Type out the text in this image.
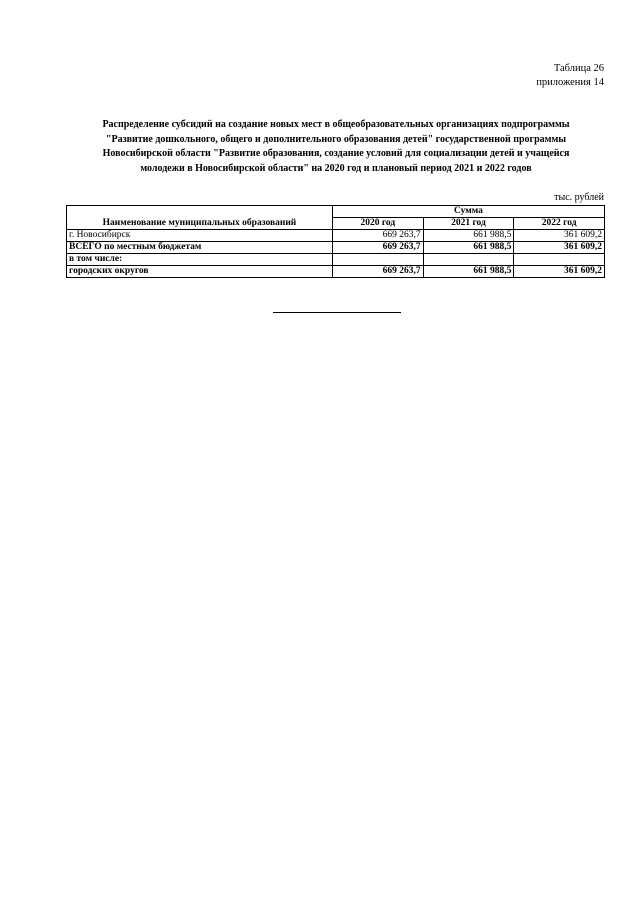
Таблица 26
приложения 14
Распределение субсидий на создание новых мест в общеобразовательных организациях подпрограммы
"Развитие дошкольного, общего и дополнительного образования детей" государственной программы
Новосибирской области "Развитие образования, создание условий для социализации детей и учащейся
молодежи в Новосибирской области" на 2020 год и плановый период 2021 и 2022 годов
тыс. рублей
Наименование муниципальных образований	Сумма		
	2020 год	2021 год	2022 год
г. Новосибирск	669 263,7	661 988,5	361 609,2
ВСЕГО по местным бюджетам	669 263,7	661 988,5	361 609,2
в том числе:			
городских округов	669 263,7	661 988,5	361 609,2
